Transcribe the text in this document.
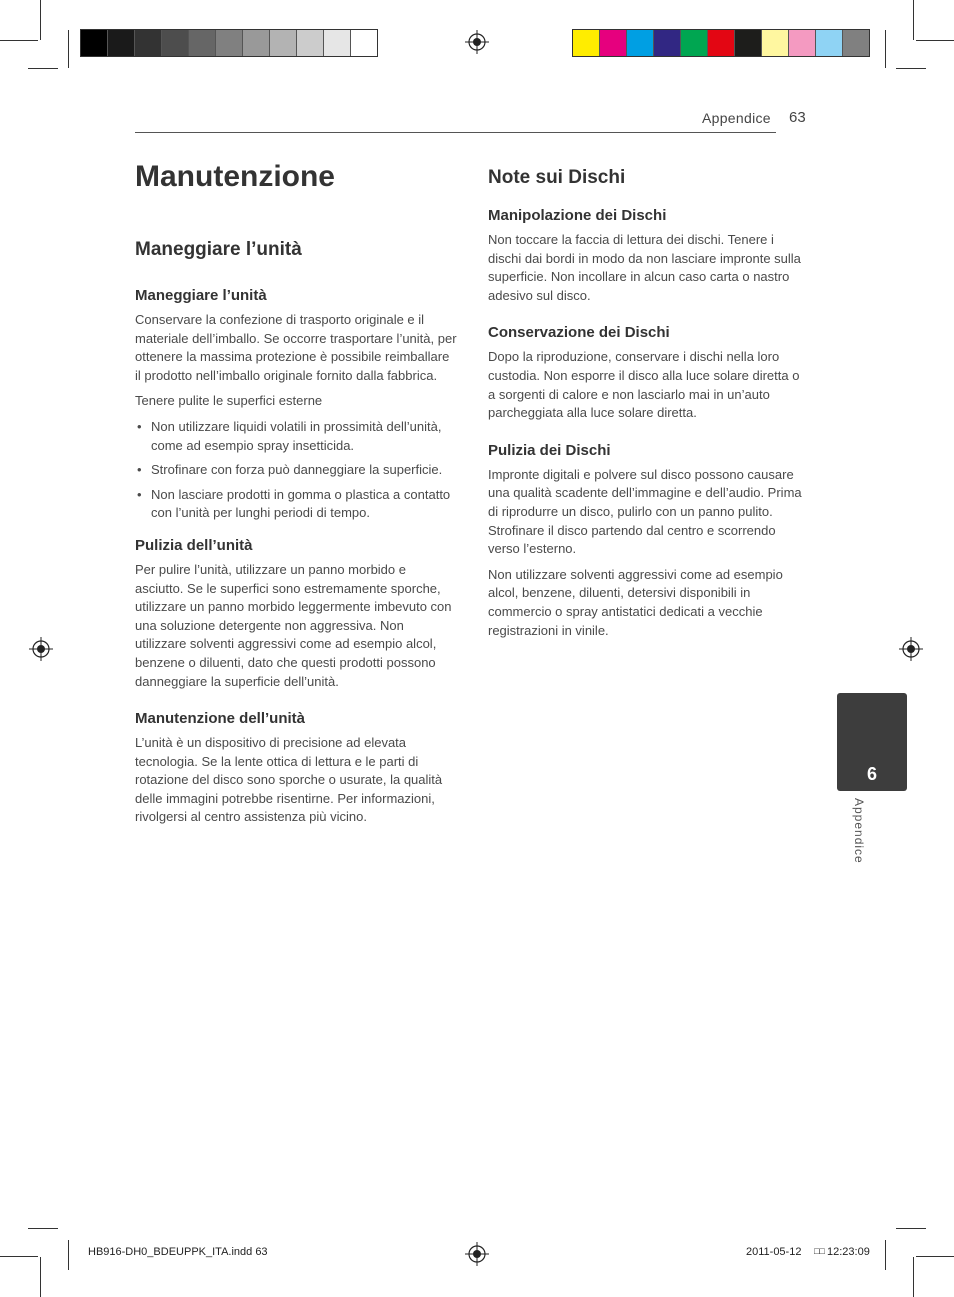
Appendice 63
Manutenzione
Maneggiare l’unità
Maneggiare l’unità

Conservare la confezione di trasporto originale e il materiale dell’imballo. Se occorre trasportare l’unità, per ottenere la massima protezione è possibile reimballare il prodotto nell’imballo originale fornito dalla fabbrica.

Tenere pulite le superfici esterne

• Non utilizzare liquidi volatili in prossimità dell’unità, come ad esempio spray insetticida.
• Strofinare con forza può danneggiare la superficie.
• Non lasciare prodotti in gomma o plastica a contatto con l’unità per lunghi periodi di tempo.
Pulizia dell’unità

Per pulire l’unità, utilizzare un panno morbido e asciutto. Se le superfici sono estremamente sporche, utilizzare un panno morbido leggermente imbevuto con una soluzione detergente non aggressiva. Non utilizzare solventi aggressivi come ad esempio alcol, benzene o diluenti, dato che questi prodotti possono danneggiare la superficie dell’unità.

Manutenzione dell’unità

L’unità è un dispositivo di precisione ad elevata tecnologia. Se la lente ottica di lettura e le parti di rotazione del disco sono sporche o usurate, la qualità delle immagini potrebbe risentirne. Per informazioni, rivolgersi al centro assistenza più vicino.

Note sui Dischi
Manipolazione dei Dischi

Non toccare la faccia di lettura dei dischi. Tenere i dischi dai bordi in modo da non lasciare impronte sulla superficie. Non incollare in alcun caso carta o nastro adesivo sul disco.

Conservazione dei Dischi

Dopo la riproduzione, conservare i dischi nella loro custodia. Non esporre il disco alla luce solare diretta o a sorgenti di calore e non lasciarlo mai in un’auto parcheggiata alla luce solare diretta.

Pulizia dei Dischi

Impronte digitali e polvere sul disco possono causare una qualità scadente dell’immagine e dell’audio. Prima di riprodurre un disco, pulirlo con un panno pulito. Strofinare il disco partendo dal centro e scorrendo verso l’esterno.

Non utilizzare solventi aggressivi come ad esempio alcol, benzene, diluenti, detersivi disponibili in commercio o spray antistatici dedicati a vecchie registrazioni in vinile.

6
Appendice
HB916-DH0_BDEUPPK_ITA.indd 63	2011-05-12 □□ 12:23:09
